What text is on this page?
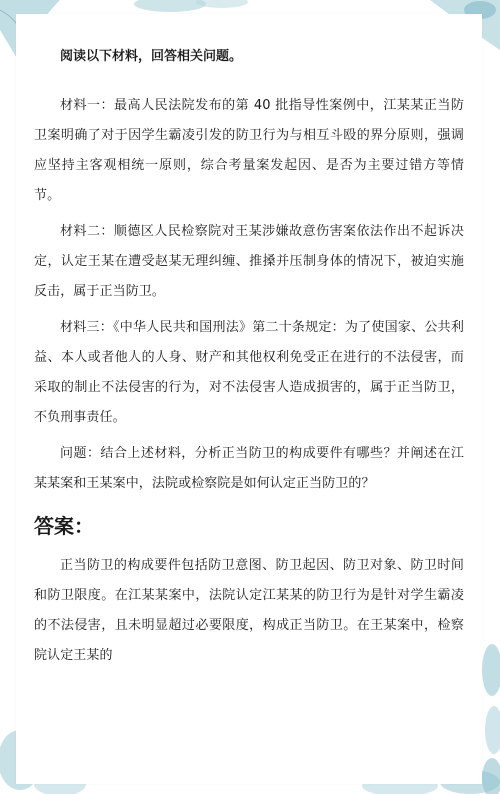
阅读以下材料，回答相关问题。

材料一：最高人民法院发布的第 40 批指导性案例中，江某某正当防卫案明确了对于因学生霸凌引发的防卫行为与相互斗殴的界分原则，强调应坚持主客观相统一原则，综合考量案发起因、是否为主要过错方等情节。

材料二：顺德区人民检察院对王某涉嫌故意伤害案依法作出不起诉决定，认定王某在遭受赵某无理纠缠、推搡并压制身体的情况下，被迫实施反击，属于正当防卫。

材料三：《中华人民共和国刑法》第二十条规定：为了使国家、公共利益、本人或者他人的人身、财产和其他权利免受正在进行的不法侵害，而采取的制止不法侵害的行为，对不法侵害人造成损害的，属于正当防卫，不负刑事责任。

问题：结合上述材料，分析正当防卫的构成要件有哪些？并阐述在江某某案和王某案中，法院或检察院是如何认定正当防卫的？

答案：

正当防卫的构成要件包括防卫意图、防卫起因、防卫对象、防卫时间和防卫限度。在江某某案中，法院认定江某某的防卫行为是针对学生霸凌的不法侵害，且未明显超过必要限度，构成正当防卫。在王某案中，检察院认定王某的
